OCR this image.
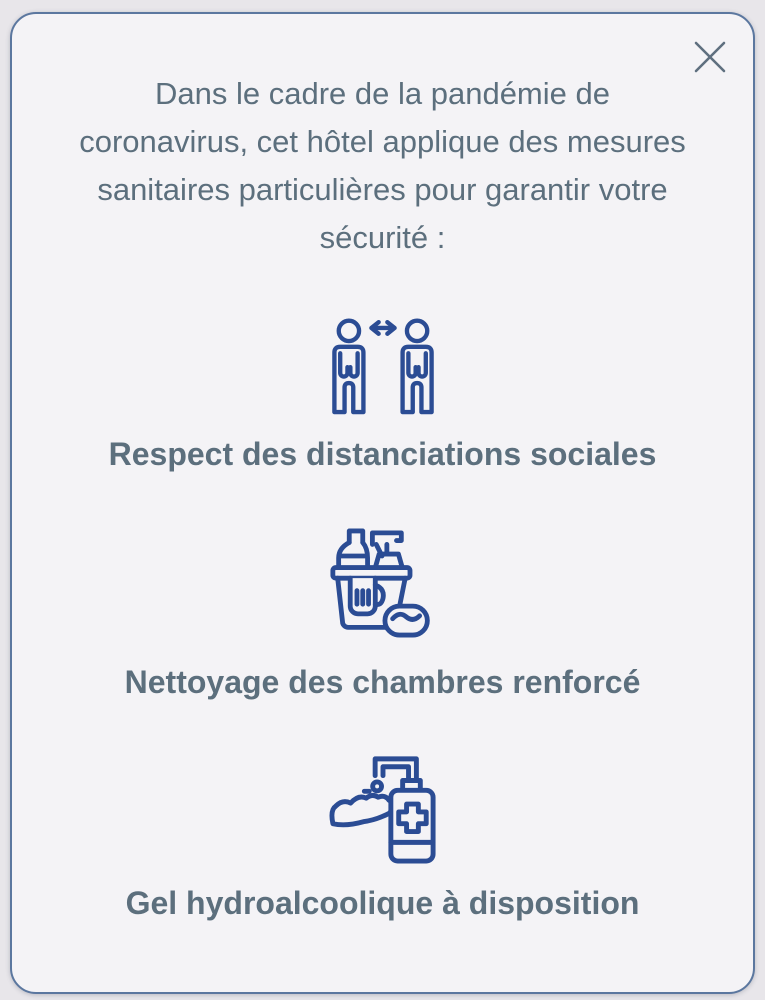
Dans le cadre de la pandémie de coronavirus, cet hôtel applique des mesures sanitaires particulières pour garantir votre sécurité :

Respect des distanciations sociales
Nettoyage des chambres renforcé
Gel hydroalcoolique à disposition
